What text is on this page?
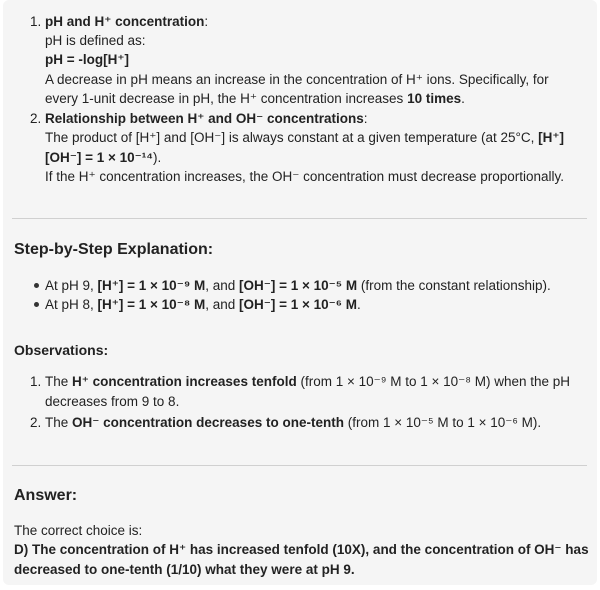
1. pH and H⁺ concentration:
pH is defined as:
pH = -log[H⁺]
A decrease in pH means an increase in the concentration of H⁺ ions. Specifically, for
every 1-unit decrease in pH, the H⁺ concentration increases 10 times.
2. Relationship between H⁺ and OH⁻ concentrations:
The product of [H⁺] and [OH⁻] is always constant at a given temperature (at 25°C, [H⁺]
[OH⁻] = 1 × 10⁻¹⁴).
If the H⁺ concentration increases, the OH⁻ concentration must decrease proportionally.
Step-by-Step Explanation:
At pH 9, [H⁺] = 1 × 10⁻⁹ M, and [OH⁻] = 1 × 10⁻⁵ M (from the constant relationship).
At pH 8, [H⁺] = 1 × 10⁻⁸ M, and [OH⁻] = 1 × 10⁻⁶ M.
Observations:
1. The H⁺ concentration increases tenfold (from 1 × 10⁻⁹ M to 1 × 10⁻⁸ M) when the pH
decreases from 9 to 8.
2. The OH⁻ concentration decreases to one-tenth (from 1 × 10⁻⁵ M to 1 × 10⁻⁶ M).
Answer:
The correct choice is:
D) The concentration of H⁺ has increased tenfold (10X), and the concentration of OH⁻ has
decreased to one-tenth (1/10) what they were at pH 9.
